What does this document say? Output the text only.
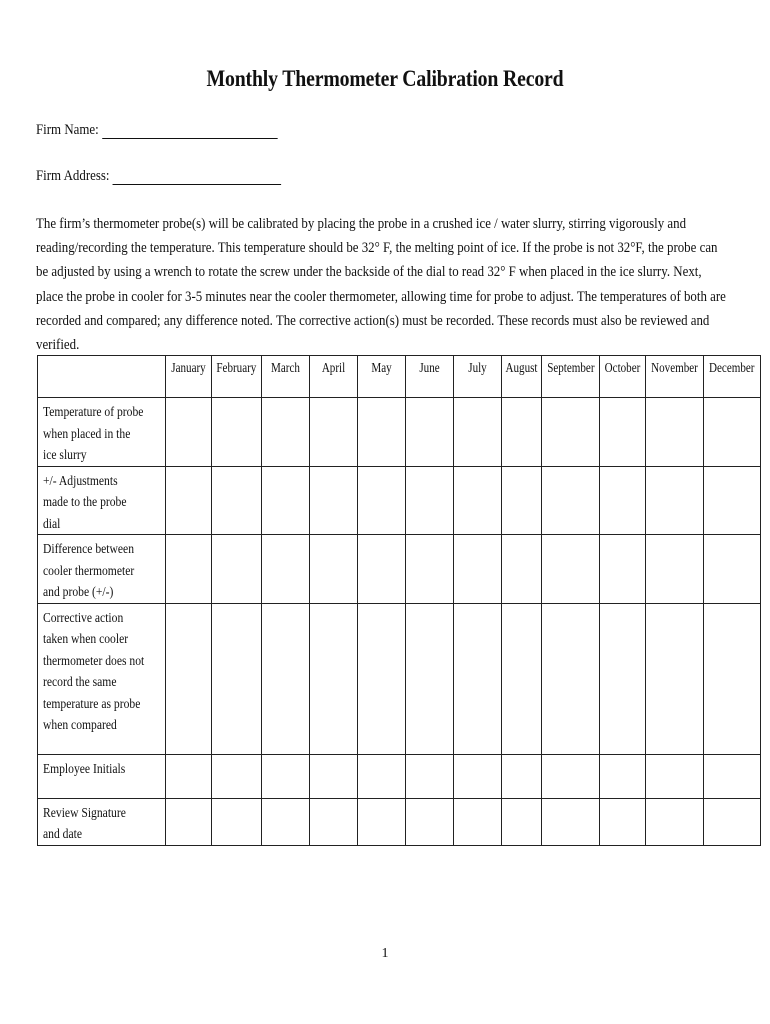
Monthly Thermometer Calibration Record
Firm Name:
Firm Address:
The firm’s thermometer probe(s) will be calibrated by placing the probe in a crushed ice / water slurry, stirring vigorously and reading/recording the temperature. This temperature should be 32° F, the melting point of ice. If the probe is not 32°F, the probe can be adjusted by using a wrench to rotate the screw under the backside of the dial to read 32° F when placed in the ice slurry. Next, place the probe in cooler for 3-5 minutes near the cooler thermometer, allowing time for probe to adjust. The temperatures of both are recorded and compared; any difference noted. The corrective action(s) must be recorded. These records must also be reviewed and verified.

	January	February	March	April	May	June	July	August	September	October	November	December

Temperature of probe when placed in the ice slurry												

+/- Adjustments made to the probe dial												

Difference between cooler thermometer and probe (+/-)												

Corrective action taken when cooler thermometer does not record the same temperature as probe when compared												

Employee Initials												

Review Signature and date												

1
